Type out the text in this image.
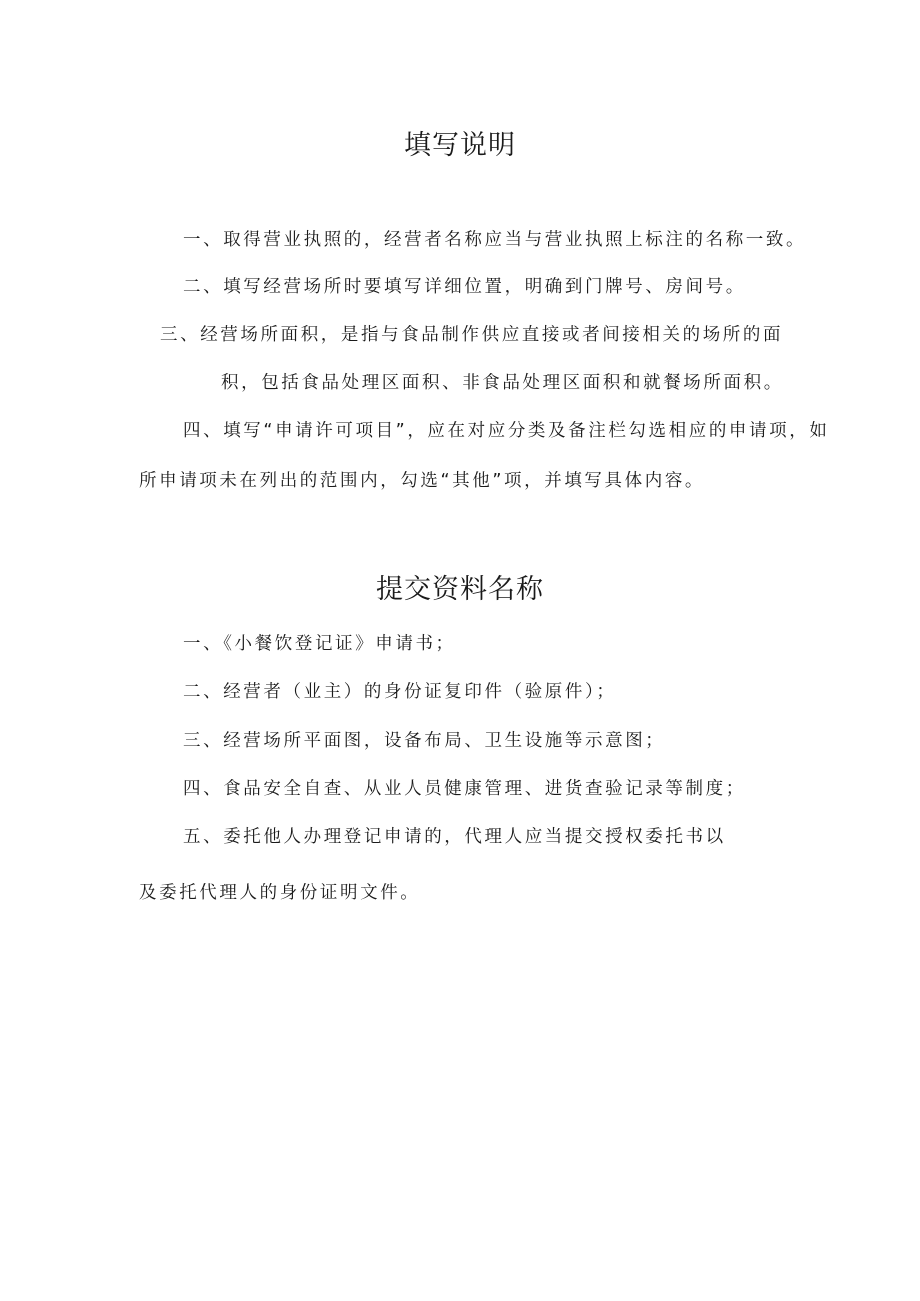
填写说明
一、取得营业执照的，经营者名称应当与营业执照上标注的名称一致。
二、填写经营场所时要填写详细位置，明确到门牌号、房间号。
三、经营场所面积，是指与食品制作供应直接或者间接相关的场所的面
积，包括食品处理区面积、非食品处理区面积和就餐场所面积。
四、填写“申请许可项目”，应在对应分类及备注栏勾选相应的申请项，如
所申请项未在列出的范围内，勾选“其他”项，并填写具体内容。
提交资料名称
一、《小餐饮登记证》申请书；
二、经营者（业主）的身份证复印件（验原件）；
三、经营场所平面图，设备布局、卫生设施等示意图；
四、食品安全自查、从业人员健康管理、进货查验记录等制度；
五、委托他人办理登记申请的，代理人应当提交授权委托书以
及委托代理人的身份证明文件。
